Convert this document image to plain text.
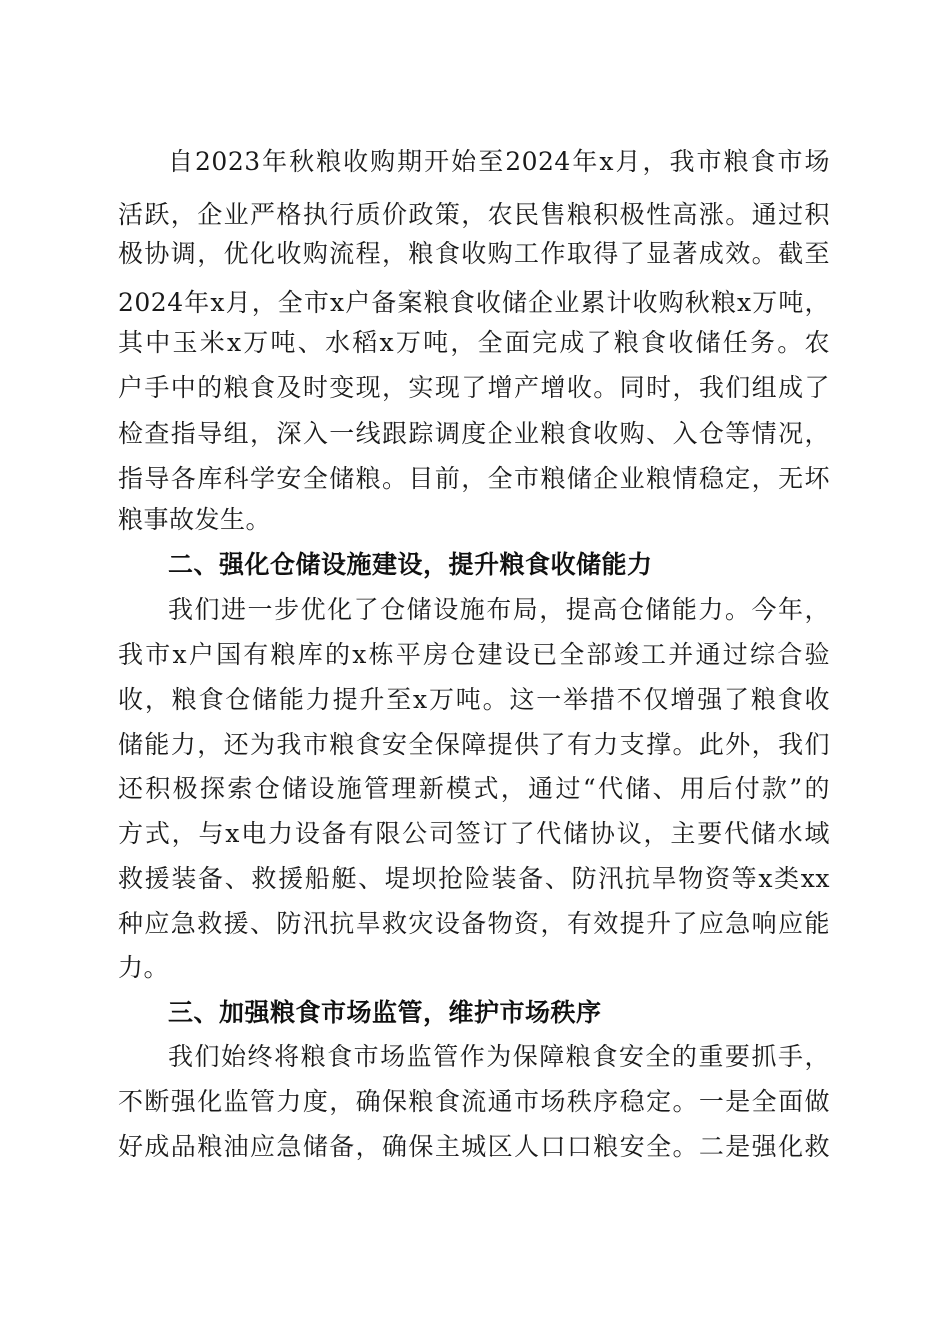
自2023年秋粮收购期开始至2024年x月，我市粮食市场
活跃，企业严格执行质价政策，农民售粮积极性高涨。通过积
极协调，优化收购流程，粮食收购工作取得了显著成效。截至
2024年x月，全市x户备案粮食收储企业累计收购秋粮x万吨，
其中玉米x万吨、水稻x万吨，全面完成了粮食收储任务。农
户手中的粮食及时变现，实现了增产增收。同时，我们组成了
检查指导组，深入一线跟踪调度企业粮食收购、入仓等情况，
指导各库科学安全储粮。目前，全市粮储企业粮情稳定，无坏
粮事故发生。
二、强化仓储设施建设，提升粮食收储能力
我们进一步优化了仓储设施布局，提高仓储能力。今年，
我市x户国有粮库的x栋平房仓建设已全部竣工并通过综合验
收，粮食仓储能力提升至x万吨。这一举措不仅增强了粮食收
储能力，还为我市粮食安全保障提供了有力支撑。此外，我们
还积极探索仓储设施管理新模式，通过“代储、用后付款”的
方式，与x电力设备有限公司签订了代储协议，主要代储水域
救援装备、救援船艇、堤坝抢险装备、防汛抗旱物资等x类xx
种应急救援、防汛抗旱救灾设备物资，有效提升了应急响应能
力。
三、加强粮食市场监管，维护市场秩序
我们始终将粮食市场监管作为保障粮食安全的重要抓手，
不断强化监管力度，确保粮食流通市场秩序稳定。一是全面做
好成品粮油应急储备，确保主城区人口口粮安全。二是强化救
